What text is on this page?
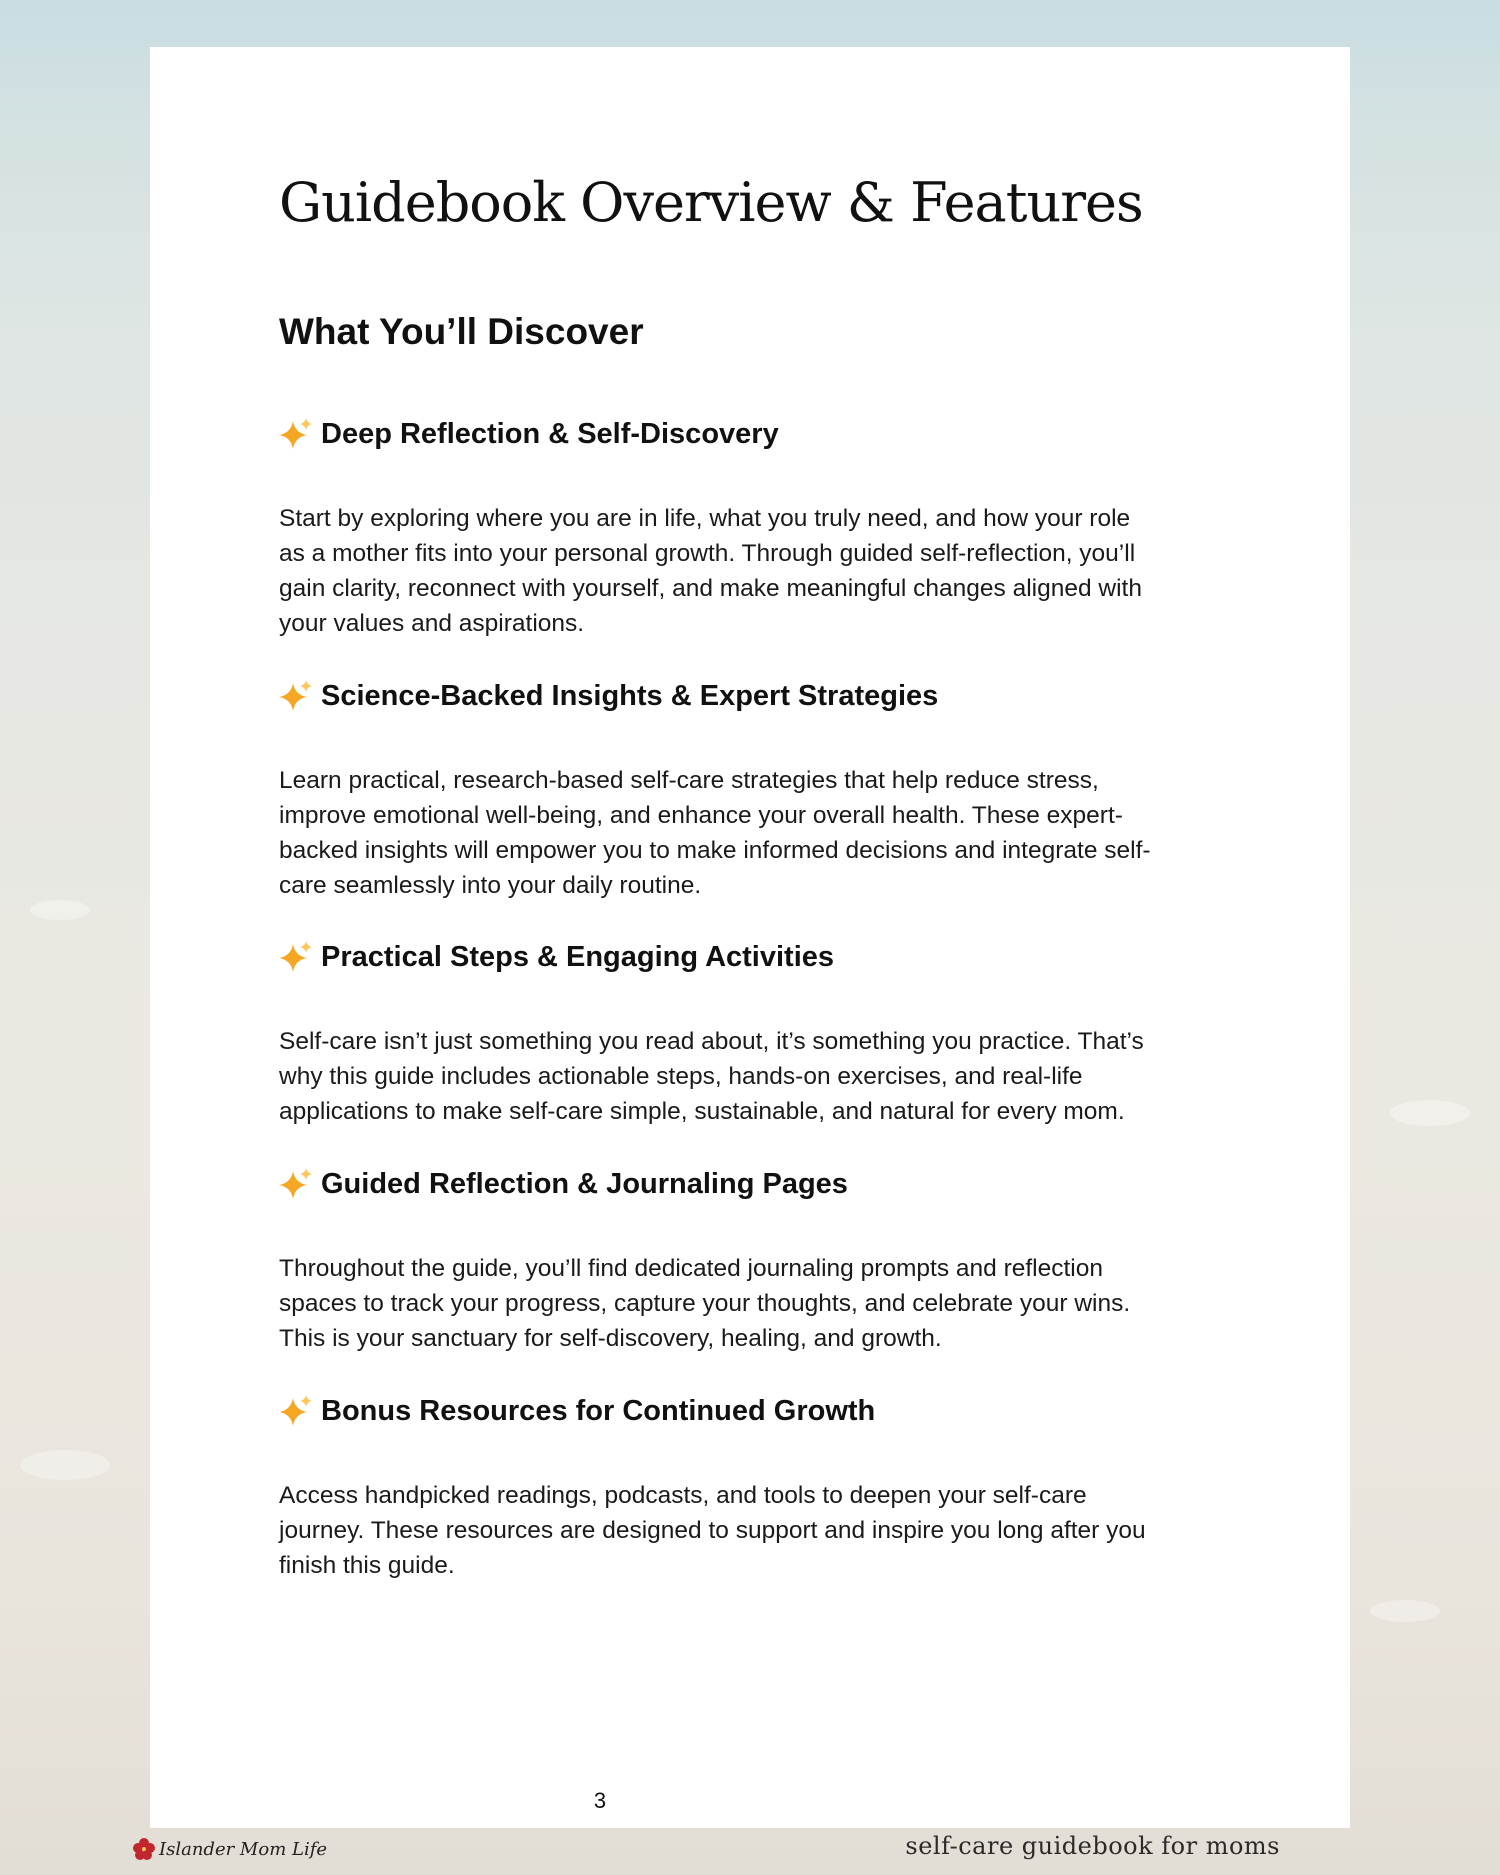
Guidebook Overview & Features
What You’ll Discover
Deep Reflection & Self-Discovery
Start by exploring where you are in life, what you truly need, and how your role
as a mother fits into your personal growth. Through guided self-reflection, you’ll
gain clarity, reconnect with yourself, and make meaningful changes aligned with
your values and aspirations.
Science-Backed Insights & Expert Strategies
Learn practical, research-based self-care strategies that help reduce stress,
improve emotional well-being, and enhance your overall health. These expert-
backed insights will empower you to make informed decisions and integrate self-
care seamlessly into your daily routine.
Practical Steps & Engaging Activities
Self-care isn’t just something you read about, it’s something you practice. That’s
why this guide includes actionable steps, hands-on exercises, and real-life
applications to make self-care simple, sustainable, and natural for every mom.
Guided Reflection & Journaling Pages
Throughout the guide, you’ll find dedicated journaling prompts and reflection
spaces to track your progress, capture your thoughts, and celebrate your wins.
This is your sanctuary for self-discovery, healing, and growth.
Bonus Resources for Continued Growth
Access handpicked readings, podcasts, and tools to deepen your self-care
journey. These resources are designed to support and inspire you long after you
finish this guide.
3
Islander Mom Life	self-care guidebook for moms
